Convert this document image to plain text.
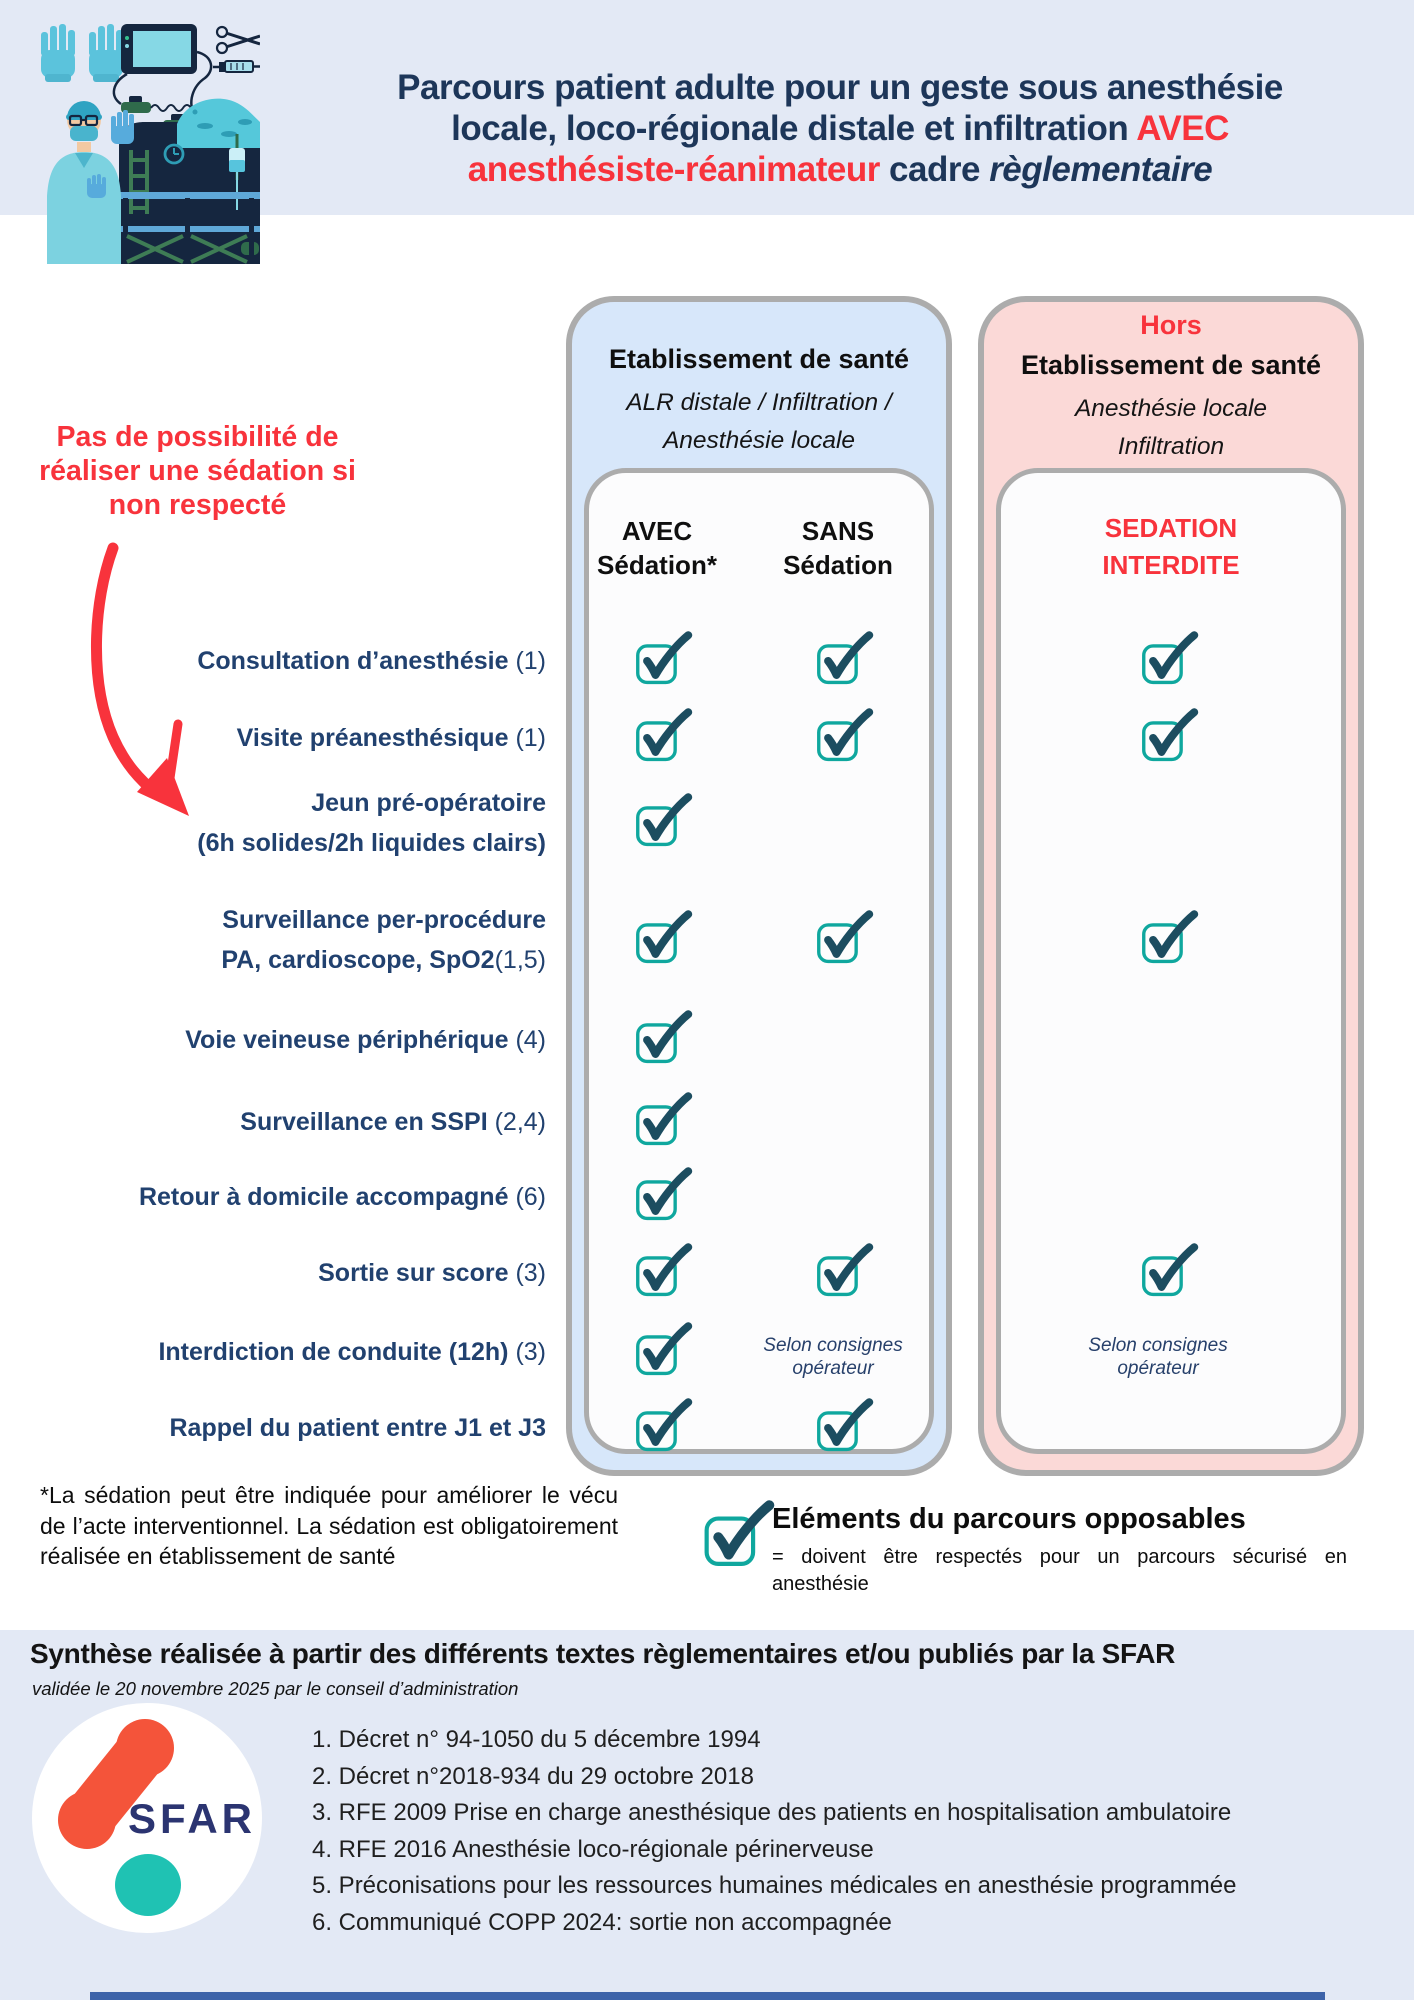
Parcours patient adulte pour un geste sous anesthésie
locale, loco-régionale distale et infiltration AVEC
anesthésiste-réanimateur cadre règlementaire
Pas de possibilité de réaliser une sédation si non respecté
Etablissement de santé
ALR distale / Infiltration /
Anesthésie locale
AVEC
Sédation*
SANS
Sédation
Hors
Etablissement de santé
Anesthésie locale
Infiltration
SEDATION
INTERDITE
Consultation d’anesthésie (1)
Visite préanesthésique (1)
Jeun pré-opératoire
(6h solides/2h liquides clairs)
Surveillance per-procédure
PA, cardioscope, SpO2(1,5)
Voie veineuse périphérique (4)
Surveillance en SSPI (2,4)
Retour à domicile accompagné (6)
Sortie sur score (3)
Interdiction de conduite (12h) (3)	Selon consignes opérateur
Selon consignes opérateur
Rappel du patient entre J1 et J3
*La sédation peut être indiquée pour améliorer le vécu de l’acte interventionnel. La sédation est obligatoirement réalisée en établissement de santé
Eléments du parcours opposables
= doivent être respectés pour un parcours sécurisé en anesthésie
Synthèse réalisée à partir des différents textes règlementaires et/ou publiés par la SFAR
validée le 20 novembre 2025 par le conseil d’administration
SFAR
1. Décret n° 94-1050 du 5 décembre 1994
2. Décret n°2018-934 du 29 octobre 2018
3. RFE 2009 Prise en charge anesthésique des patients en hospitalisation ambulatoire
4. RFE 2016 Anesthésie loco-régionale périnerveuse
5. Préconisations pour les ressources humaines médicales en anesthésie programmée
6. Communiqué COPP 2024: sortie non accompagnée
